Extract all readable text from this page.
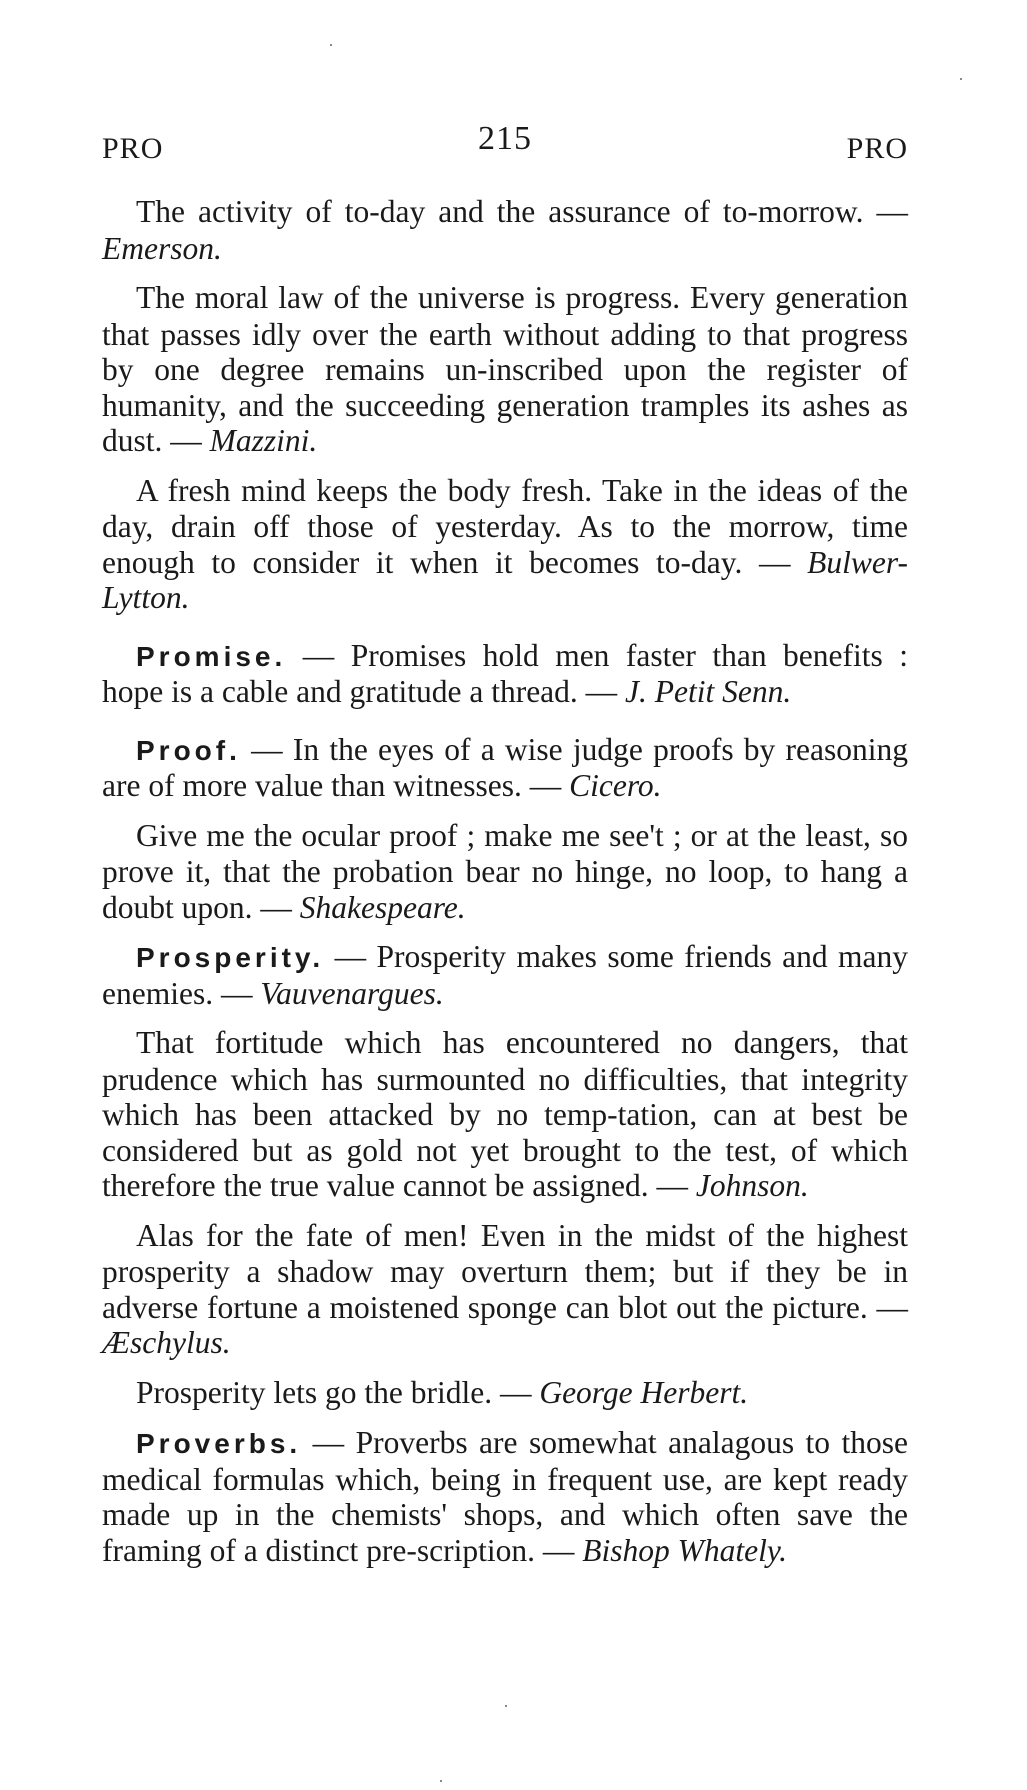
PRO	215	PRO

The activity of to-day and the assurance of to-morrow. — Emerson.

The moral law of the universe is progress. Every generation that passes idly over the earth without adding to that progress by one degree remains un-inscribed upon the register of humanity, and the succeeding generation tramples its ashes as dust. — Mazzini.

A fresh mind keeps the body fresh. Take in the ideas of the day, drain off those of yesterday. As to the morrow, time enough to consider it when it becomes to-day. — Bulwer-Lytton.

Promise. — Promises hold men faster than benefits : hope is a cable and gratitude a thread. — J. Petit Senn.

Proof. — In the eyes of a wise judge proofs by reasoning are of more value than witnesses. — Cicero.

Give me the ocular proof ; make me see't ; or at the least, so prove it, that the probation bear no hinge, no loop, to hang a doubt upon. — Shakespeare.

Prosperity. — Prosperity makes some friends and many enemies. — Vauvenargues.

That fortitude which has encountered no dangers, that prudence which has surmounted no difficulties, that integrity which has been attacked by no temp-tation, can at best be considered but as gold not yet brought to the test, of which therefore the true value cannot be assigned. — Johnson.

Alas for the fate of men! Even in the midst of the highest prosperity a shadow may overturn them; but if they be in adverse fortune a moistened sponge can blot out the picture. — Æschylus.

Prosperity lets go the bridle. — George Herbert.

Proverbs. — Proverbs are somewhat analagous to those medical formulas which, being in frequent use, are kept ready made up in the chemists' shops, and which often save the framing of a distinct pre-scription. — Bishop Whately.
